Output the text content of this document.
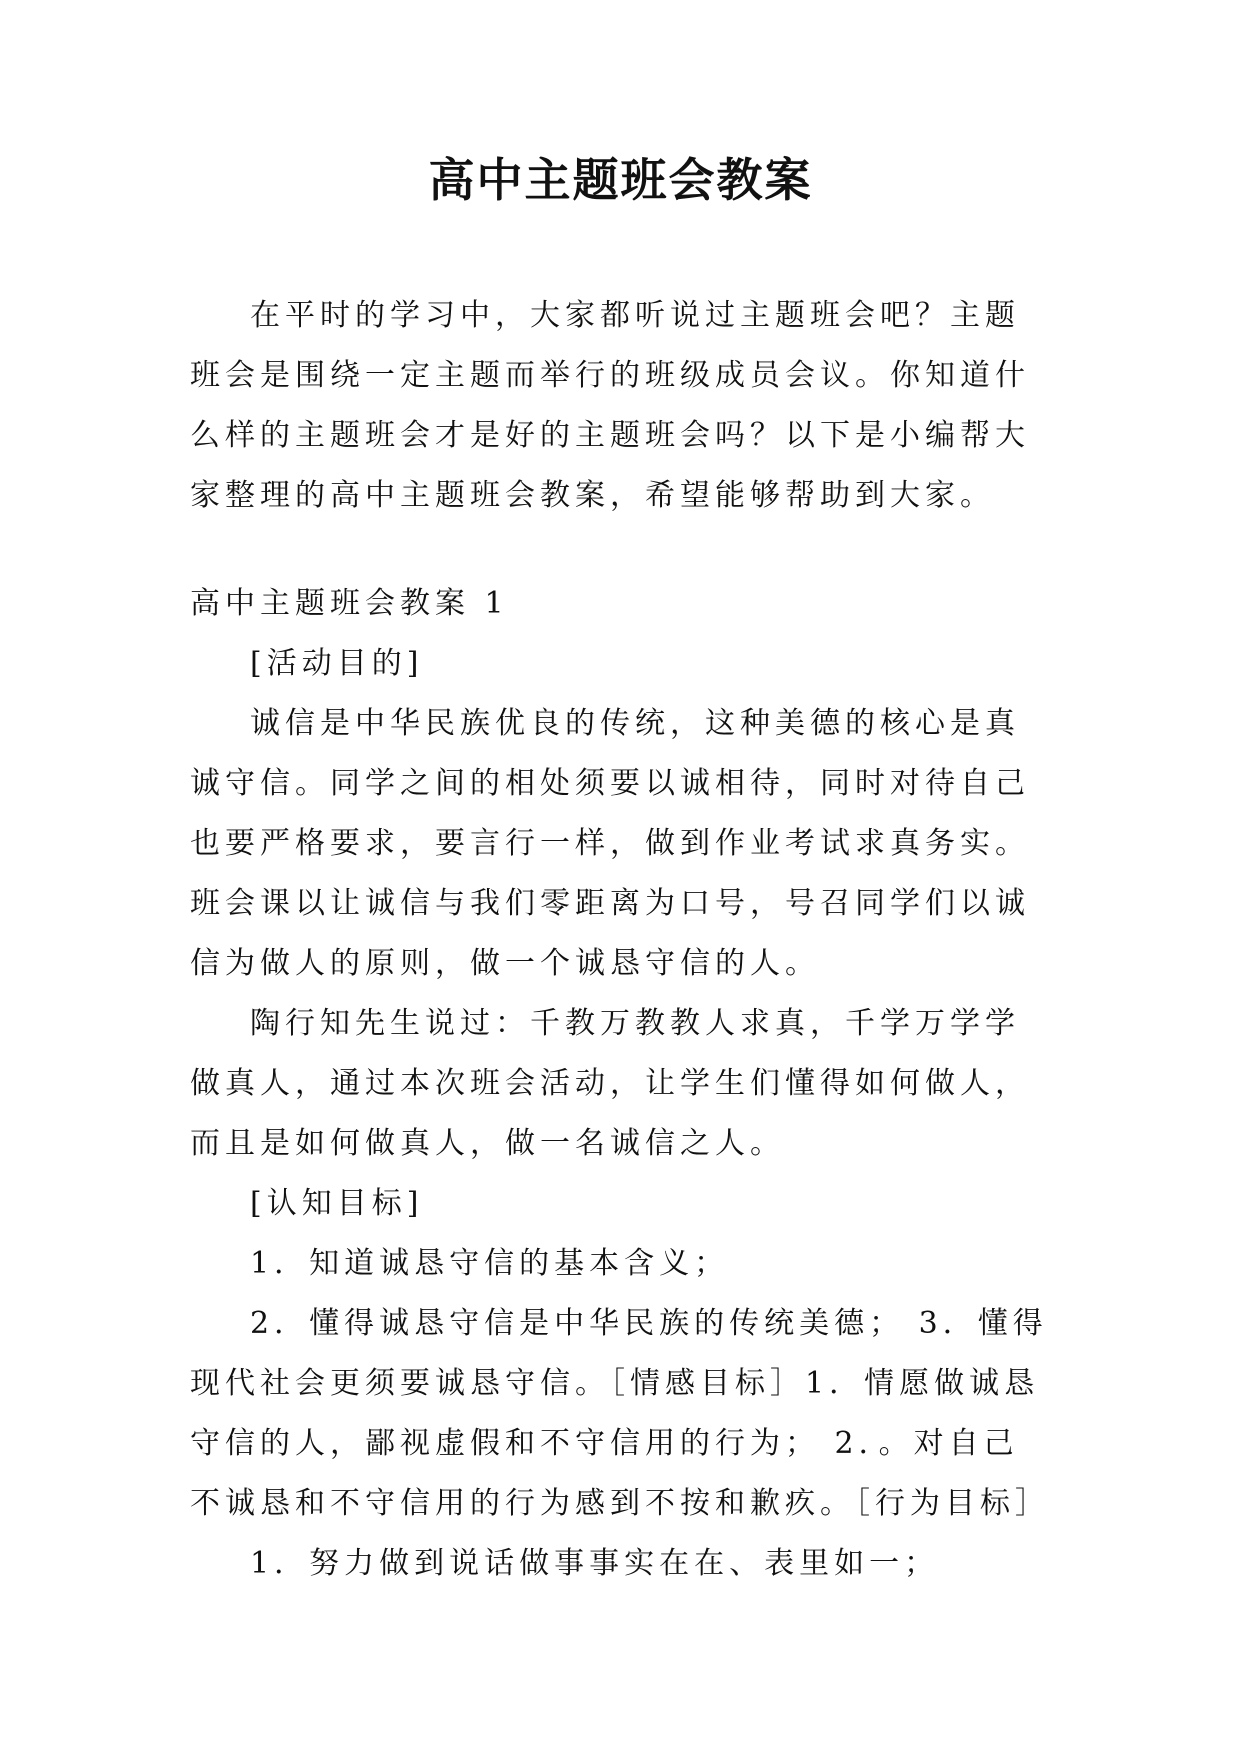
高中主题班会教案

在平时的学习中，大家都听说过主题班会吧？主题班会是围绕一定主题而举行的班级成员会议。你知道什么样的主题班会才是好的主题班会吗？以下是小编帮大家整理的高中主题班会教案，希望能够帮助到大家。

高中主题班会教案 1

[活动目的]

诚信是中华民族优良的传统，这种美德的核心是真诚守信。同学之间的相处须要以诚相待，同时对待自己也要严格要求，要言行一样，做到作业考试求真务实。班会课以让诚信与我们零距离为口号，号召同学们以诚信为做人的原则，做一个诚恳守信的人。

陶行知先生说过：千教万教教人求真，千学万学学做真人，通过本次班会活动，让学生们懂得如何做人，而且是如何做真人，做一名诚信之人。

[认知目标]

1．知道诚恳守信的基本含义；

2．懂得诚恳守信是中华民族的传统美德； 3．懂得现代社会更须要诚恳守信。［情感目标］1．情愿做诚恳守信的人，鄙视虚假和不守信用的行为； 2．。对自己不诚恳和不守信用的行为感到不按和歉疚。［行为目标］

1．努力做到说话做事事实在在、表里如一；
